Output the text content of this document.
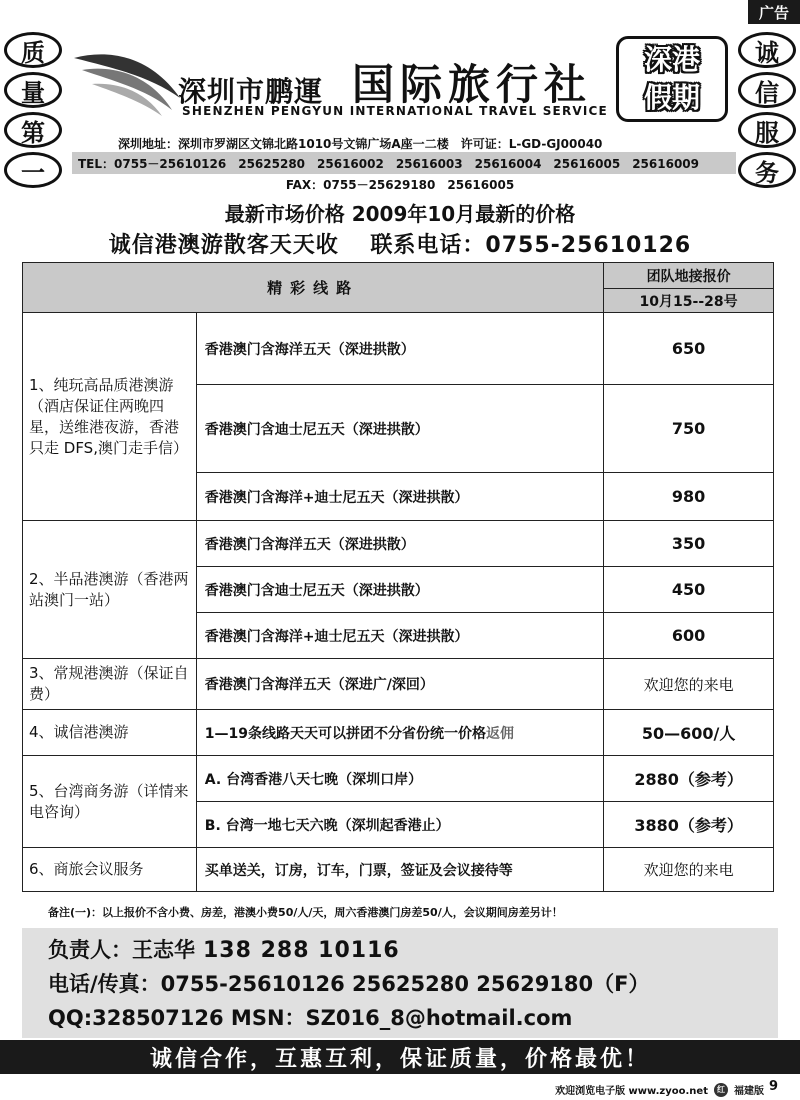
广告
质
量
第
一
诚
信
服
务
深圳市鹏運 国际旅行社
SHENZHEN PENGYUN INTERNATIONAL TRAVEL SERVICE
深港
假期
深圳地址：深圳市罗湖区文锦北路1010号文锦广场A座一二楼　许可证：L-GD-GJ00040
TEL：0755－25610126　25625280　25616002　25616003　25616004　25616005　25616009
FAX：0755－25629180　25616005
最新市场价格 2009年10月最新的价格
诚信港澳游散客天天收　 联系电话：0755-25610126
精彩线路		团队地接报价
		10月15--28号
1、纯玩高品质港澳游（酒店保证住两晚四星，送维港夜游，香港只走 DFS,澳门走手信）	香港澳门含海洋五天（深进拱散）	650
	香港澳门含迪士尼五天（深进拱散）	750
	香港澳门含海洋+迪士尼五天（深进拱散）	980
2、半品港澳游（香港两站澳门一站）	香港澳门含海洋五天（深进拱散）	350
	香港澳门含迪士尼五天（深进拱散）	450
	香港澳门含海洋+迪士尼五天（深进拱散）	600
3、常规港澳游（保证自费）	香港澳门含海洋五天（深进广/深回）	欢迎您的来电
4、诚信港澳游	1—19条线路天天可以拼团不分省份统一价格返佣	50—600/人
5、台湾商务游（详情来电咨询）	A. 台湾香港八天七晚（深圳口岸）	2880（参考）
	B. 台湾一地七天六晚（深圳起香港止）	3880（参考）
6、商旅会议服务	买单送关，订房，订车，门票，签证及会议接待等	欢迎您的来电
备注(一)：以上报价不含小费、房差，港澳小费50/人/天，周六香港澳门房差50/人，会议期间房差另计！
负责人：王志华 138 288 10116
电话/传真：0755-25610126 25625280 25629180（F）
QQ:328507126 MSN：SZ016_8@hotmail.com
诚信合作，互惠互利，保证质量，价格最优！
欢迎浏览电子版 www.zyoo.net	红 福建版 9
